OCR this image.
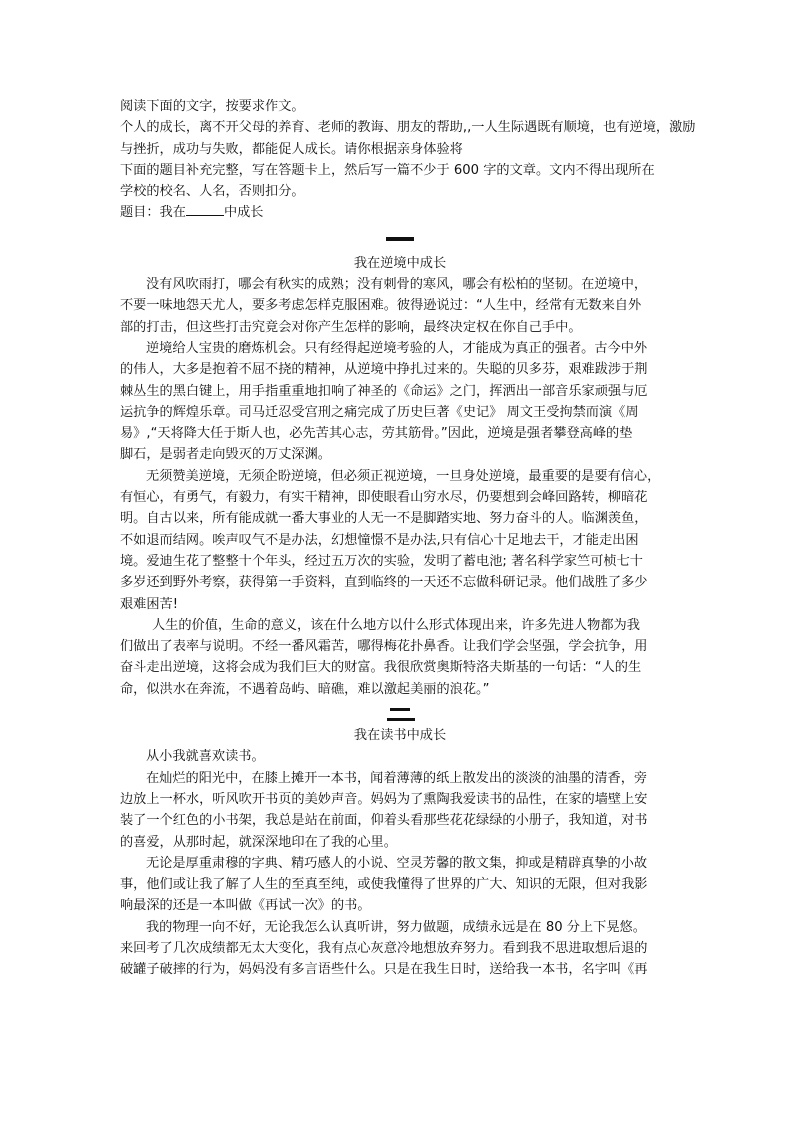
阅读下面的文字，按要求作文。
个人的成长，离不开父母的养育、老师的教诲、朋友的帮助,,一人生际遇既有顺境，也有逆境，激励
与挫折，成功与失败，都能促人成长。请你根据亲身体验将
下面的题目补充完整，写在答题卡上，然后写一篇不少于 600 字的文章。文内不得出现所在
学校的校名、人名，否则扣分。
题目：我在	中成长
我在逆境中成长
没有风吹雨打，哪会有秋实的成熟；没有刺骨的寒风，哪会有松柏的坚韧。在逆境中，
不要一味地怨天尤人，要多考虑怎样克服困难。彼得逊说过：“人生中，经常有无数来自外
部的打击，但这些打击究竟会对你产生怎样的影响，最终决定权在你自己手中。
逆境给人宝贵的磨炼机会。只有经得起逆境考验的人，才能成为真正的强者。古今中外
的伟人，大多是抱着不屈不挠的精神，从逆境中挣扎过来的。失聪的贝多芬，艰难跋涉于荆
棘丛生的黑白键上，用手指重重地扣响了神圣的《命运》之门，挥洒出一部音乐家顽强与厄
运抗争的辉煌乐章。司马迁忍受宫刑之痛完成了历史巨著《史记》 周文王受拘禁而演《周
易》,“天将降大任于斯人也，必先苦其心志，劳其筋骨。”因此，逆境是强者攀登高峰的垫
脚石，是弱者走向毁灭的万丈深渊。
无须赞美逆境，无须企盼逆境，但必须正视逆境，一旦身处逆境，最重要的是要有信心，
有恒心，有勇气，有毅力，有实干精神，即使眼看山穷水尽，仍要想到会峰回路转，柳暗花
明。自古以来，所有能成就一番大事业的人无一不是脚踏实地、努力奋斗的人。临渊羡鱼，
不如退而结网。唉声叹气不是办法，幻想憧憬不是办法,只有信心十足地去干，才能走出困
境。爱迪生花了整整十个年头，经过五万次的实验，发明了蓄电池; 著名科学家竺可桢七十
多岁还到野外考察，获得第一手资料，直到临终的一天还不忘做科研记录。他们战胜了多少
艰难困苦!
人生的价值，生命的意义，该在什么地方以什么形式体现出来，许多先进人物都为我
们做出了表率与说明。不经一番风霜苦，哪得梅花扑鼻香。让我们学会坚强，学会抗争，用
奋斗走出逆境，这将会成为我们巨大的财富。我很欣赏奥斯特洛夫斯基的一句话：“人的生
命，似洪水在奔流，不遇着岛屿、暗礁，难以激起美丽的浪花。”
我在读书中成长
从小我就喜欢读书。
在灿烂的阳光中，在膝上摊开一本书，闻着薄薄的纸上散发出的淡淡的油墨的清香，旁
边放上一杯水，听风吹开书页的美妙声音。妈妈为了熏陶我爱读书的品性，在家的墙壁上安
装了一个红色的小书架，我总是站在前面，仰着头看那些花花绿绿的小册子，我知道，对书
的喜爱，从那时起，就深深地印在了我的心里。
无论是厚重肃穆的字典、精巧感人的小说、空灵芳馨的散文集，抑或是精辟真挚的小故
事，他们或让我了解了人生的至真至纯，或使我懂得了世界的广大、知识的无限，但对我影
响最深的还是一本叫做《再试一次》的书。
我的物理一向不好，无论我怎么认真听讲，努力做题，成绩永远是在 80 分上下晃悠。
来回考了几次成绩都无太大变化，我有点心灰意冷地想放弃努力。看到我不思进取想后退的
破罐子破摔的行为，妈妈没有多言语些什么。只是在我生日时，送给我一本书，名字叫《再
